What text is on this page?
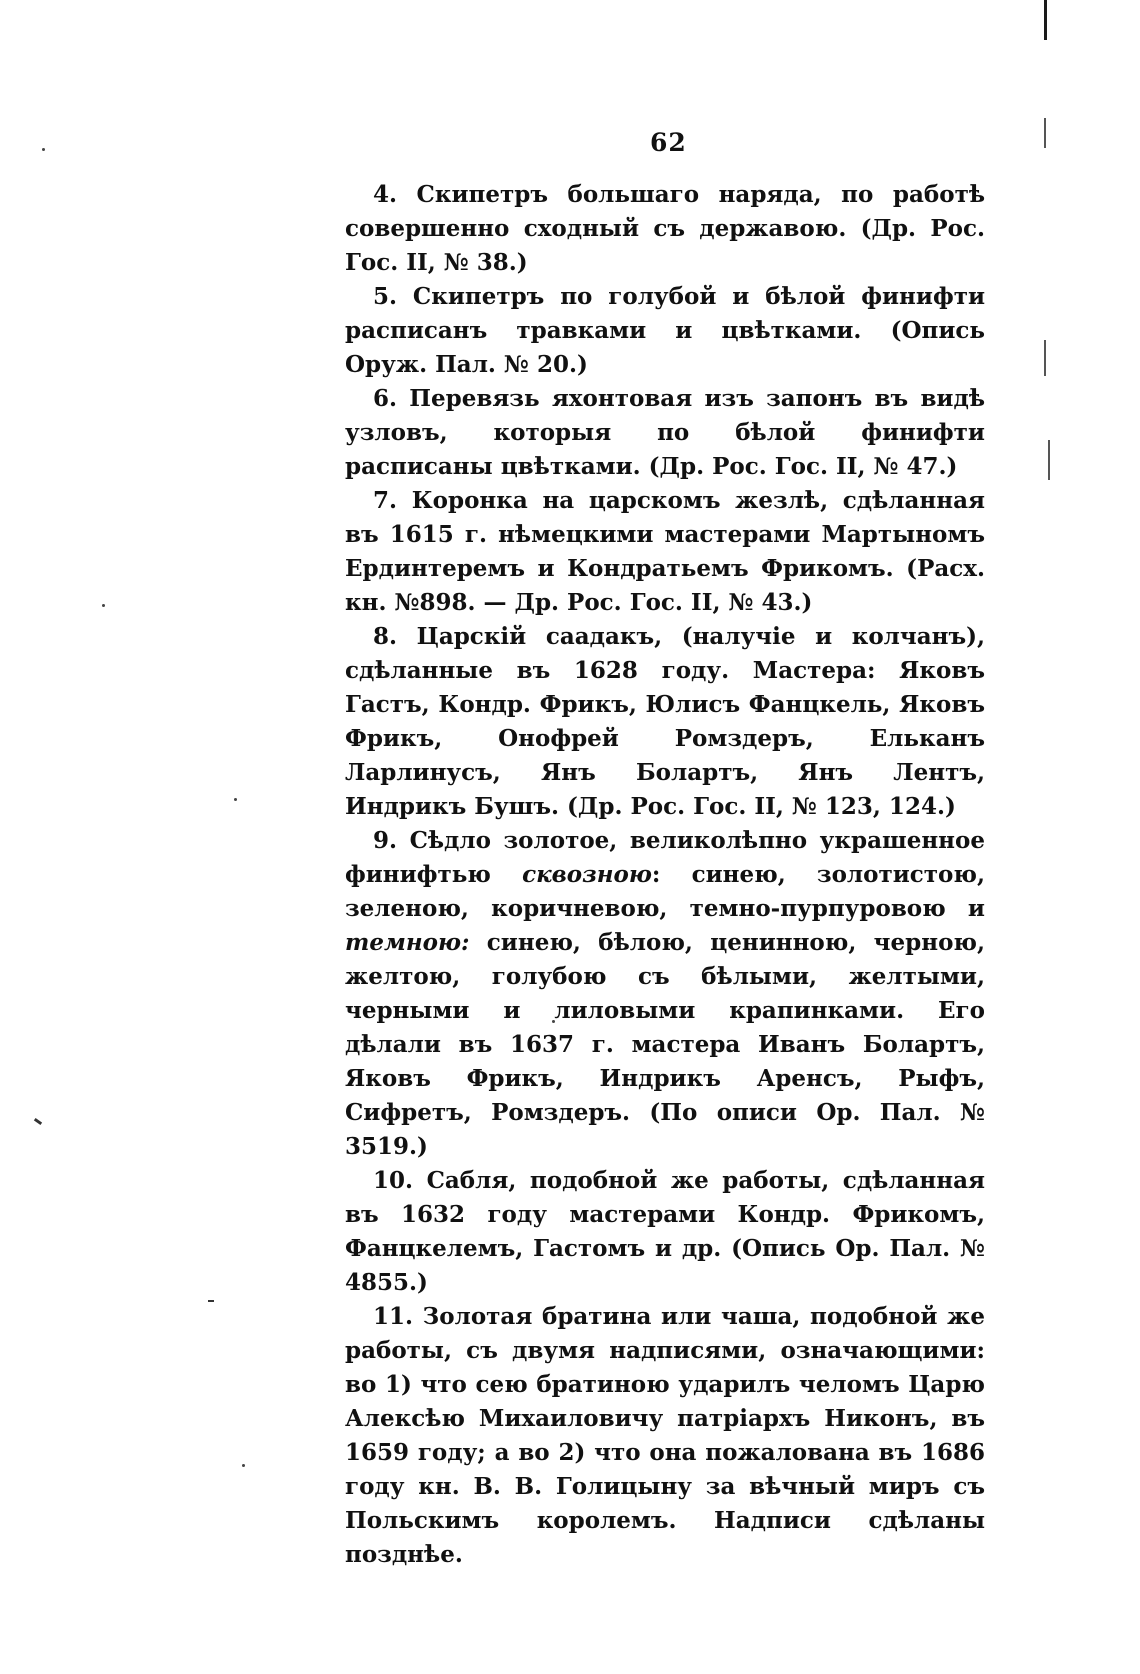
62

4. Скипетръ большаго наряда, по работѣ совершенно сходный съ державою. (Др. Рос. Гос. II, № 38.)

5. Скипетръ по голубой и бѣлой финифти расписанъ травками и цвѣтками. (Опись Оруж. Пал. № 20.)

6. Перевязь яхонтовая изъ запонъ въ видѣ узловъ, которыя по бѣлой финифти расписаны цвѣтками. (Др. Рос. Гос. II, № 47.)

7. Коронка на царскомъ жезлѣ, сдѣланная въ 1615 г. нѣмецкими мастерами Мартыномъ Ердинтеремъ и Кондратьемъ Фрикомъ. (Расх. кн. №898. — Др. Рос. Гос. II, № 43.)

8. Царскій саадакъ, (налучіе и колчанъ), сдѣланные въ 1628 году. Мастера: Яковъ Гастъ, Кондр. Фрикъ, Юлисъ Фанцкель, Яковъ Фрикъ, Онофрей Ромздеръ, Ельканъ Ларлинусъ, Янъ Болартъ, Янъ Лентъ, Индрикъ Бушъ. (Др. Рос. Гос. II, № 123, 124.)

9. Сѣдло золотое, великолѣпно украшенное финифтью сквозною: синею, золотистою, зеленою, коричневою, темно-пурпуровою и темною: синею, бѣлою, ценинною, черною, желтою, голубою съ бѣлыми, желтыми, черными и лиловыми крапинками. Его дѣлали въ 1637 г. мастера Иванъ Болартъ, Яковъ Фрикъ, Индрикъ Аренсъ, Рыфъ, Сифретъ, Ромздеръ. (По описи Ор. Пал. № 3519.)

10. Сабля, подобной же работы, сдѣланная въ 1632 году мастерами Кондр. Фрикомъ, Фанцкелемъ, Гастомъ и др. (Опись Ор. Пал. № 4855.)

11. Золотая братина или чаша, подобной же работы, съ двумя надписями, означающими: во 1) что сею братиною ударилъ челомъ Царю Алексѣю Михаиловичу патріархъ Никонъ, въ 1659 году; а во 2) что она пожалована въ 1686 году кн. В. В. Голицыну за вѣчный миръ съ Польскимъ королемъ. Надписи сдѣланы позднѣе.
